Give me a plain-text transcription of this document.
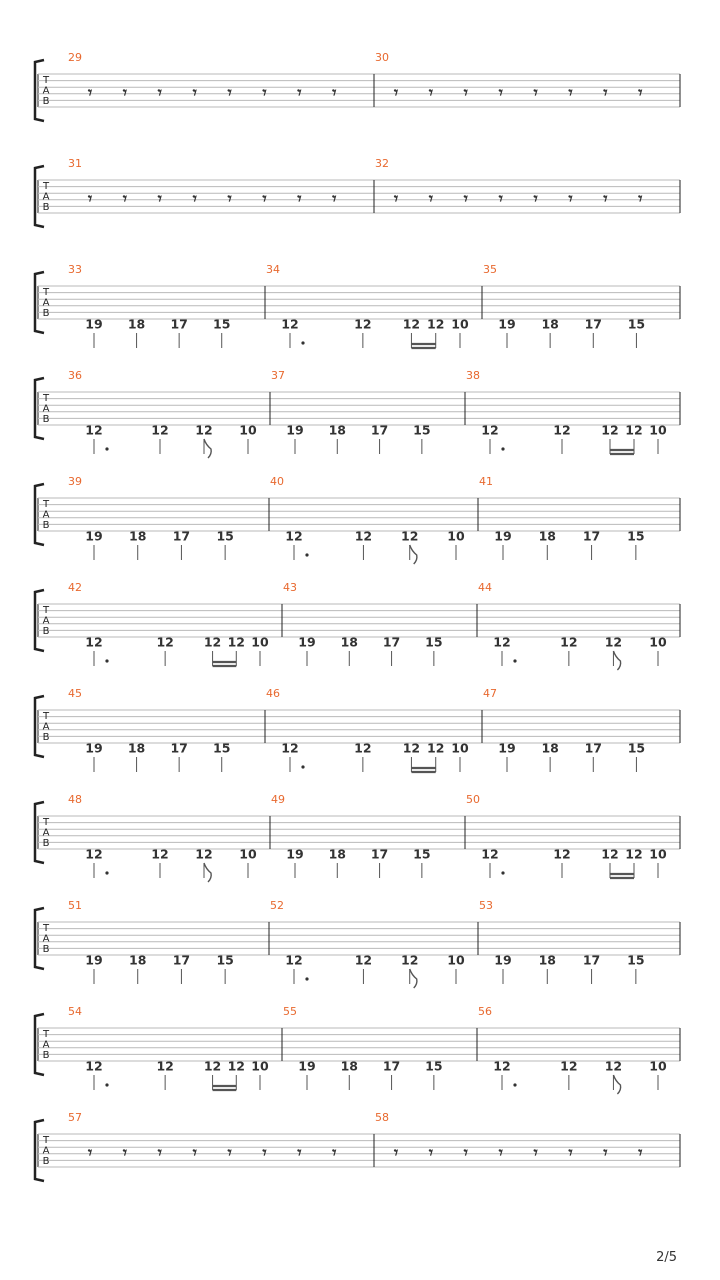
T
A
B
29
𝄾 𝄾 𝄾 𝄾 𝄾 𝄾 𝄾 𝄾
30
𝄾 𝄾 𝄾 𝄾 𝄾 𝄾 𝄾 𝄾
T
A
B
31
𝄾 𝄾 𝄾 𝄾 𝄾 𝄾 𝄾 𝄾
32
𝄾 𝄾 𝄾 𝄾 𝄾 𝄾 𝄾 𝄾
T
A
B
33
19 18 17 15
34
12	12 12 12 10
35
19 18 17 15
T
A
B
36
12	12 12 10
37
19 18 17 15
38
12	12 12 12 10
T
A
B
39
19 18 17 15
40
12	12 12 10
41
19 18 17 15
T
A
B
42
12	12 12 12 10
43
19 18 17 15
44
12	12 12 10
T
A
B
45
19 18 17 15
46
12	12 12 12 10
47
19 18 17 15
T
A
B
48
12	12 12 10
49
19 18 17 15
50
12	12 12 12 10
T
A
B
51
19 18 17 15
52
12	12 12 10
53
19 18 17 15
T
A
B
54
12	12 12 12 10
55
19 18 17 15
56
12	12 12 10
T
A
B
57
𝄾 𝄾 𝄾 𝄾 𝄾 𝄾 𝄾 𝄾
58
𝄾 𝄾 𝄾 𝄾 𝄾 𝄾 𝄾 𝄾
2/5
